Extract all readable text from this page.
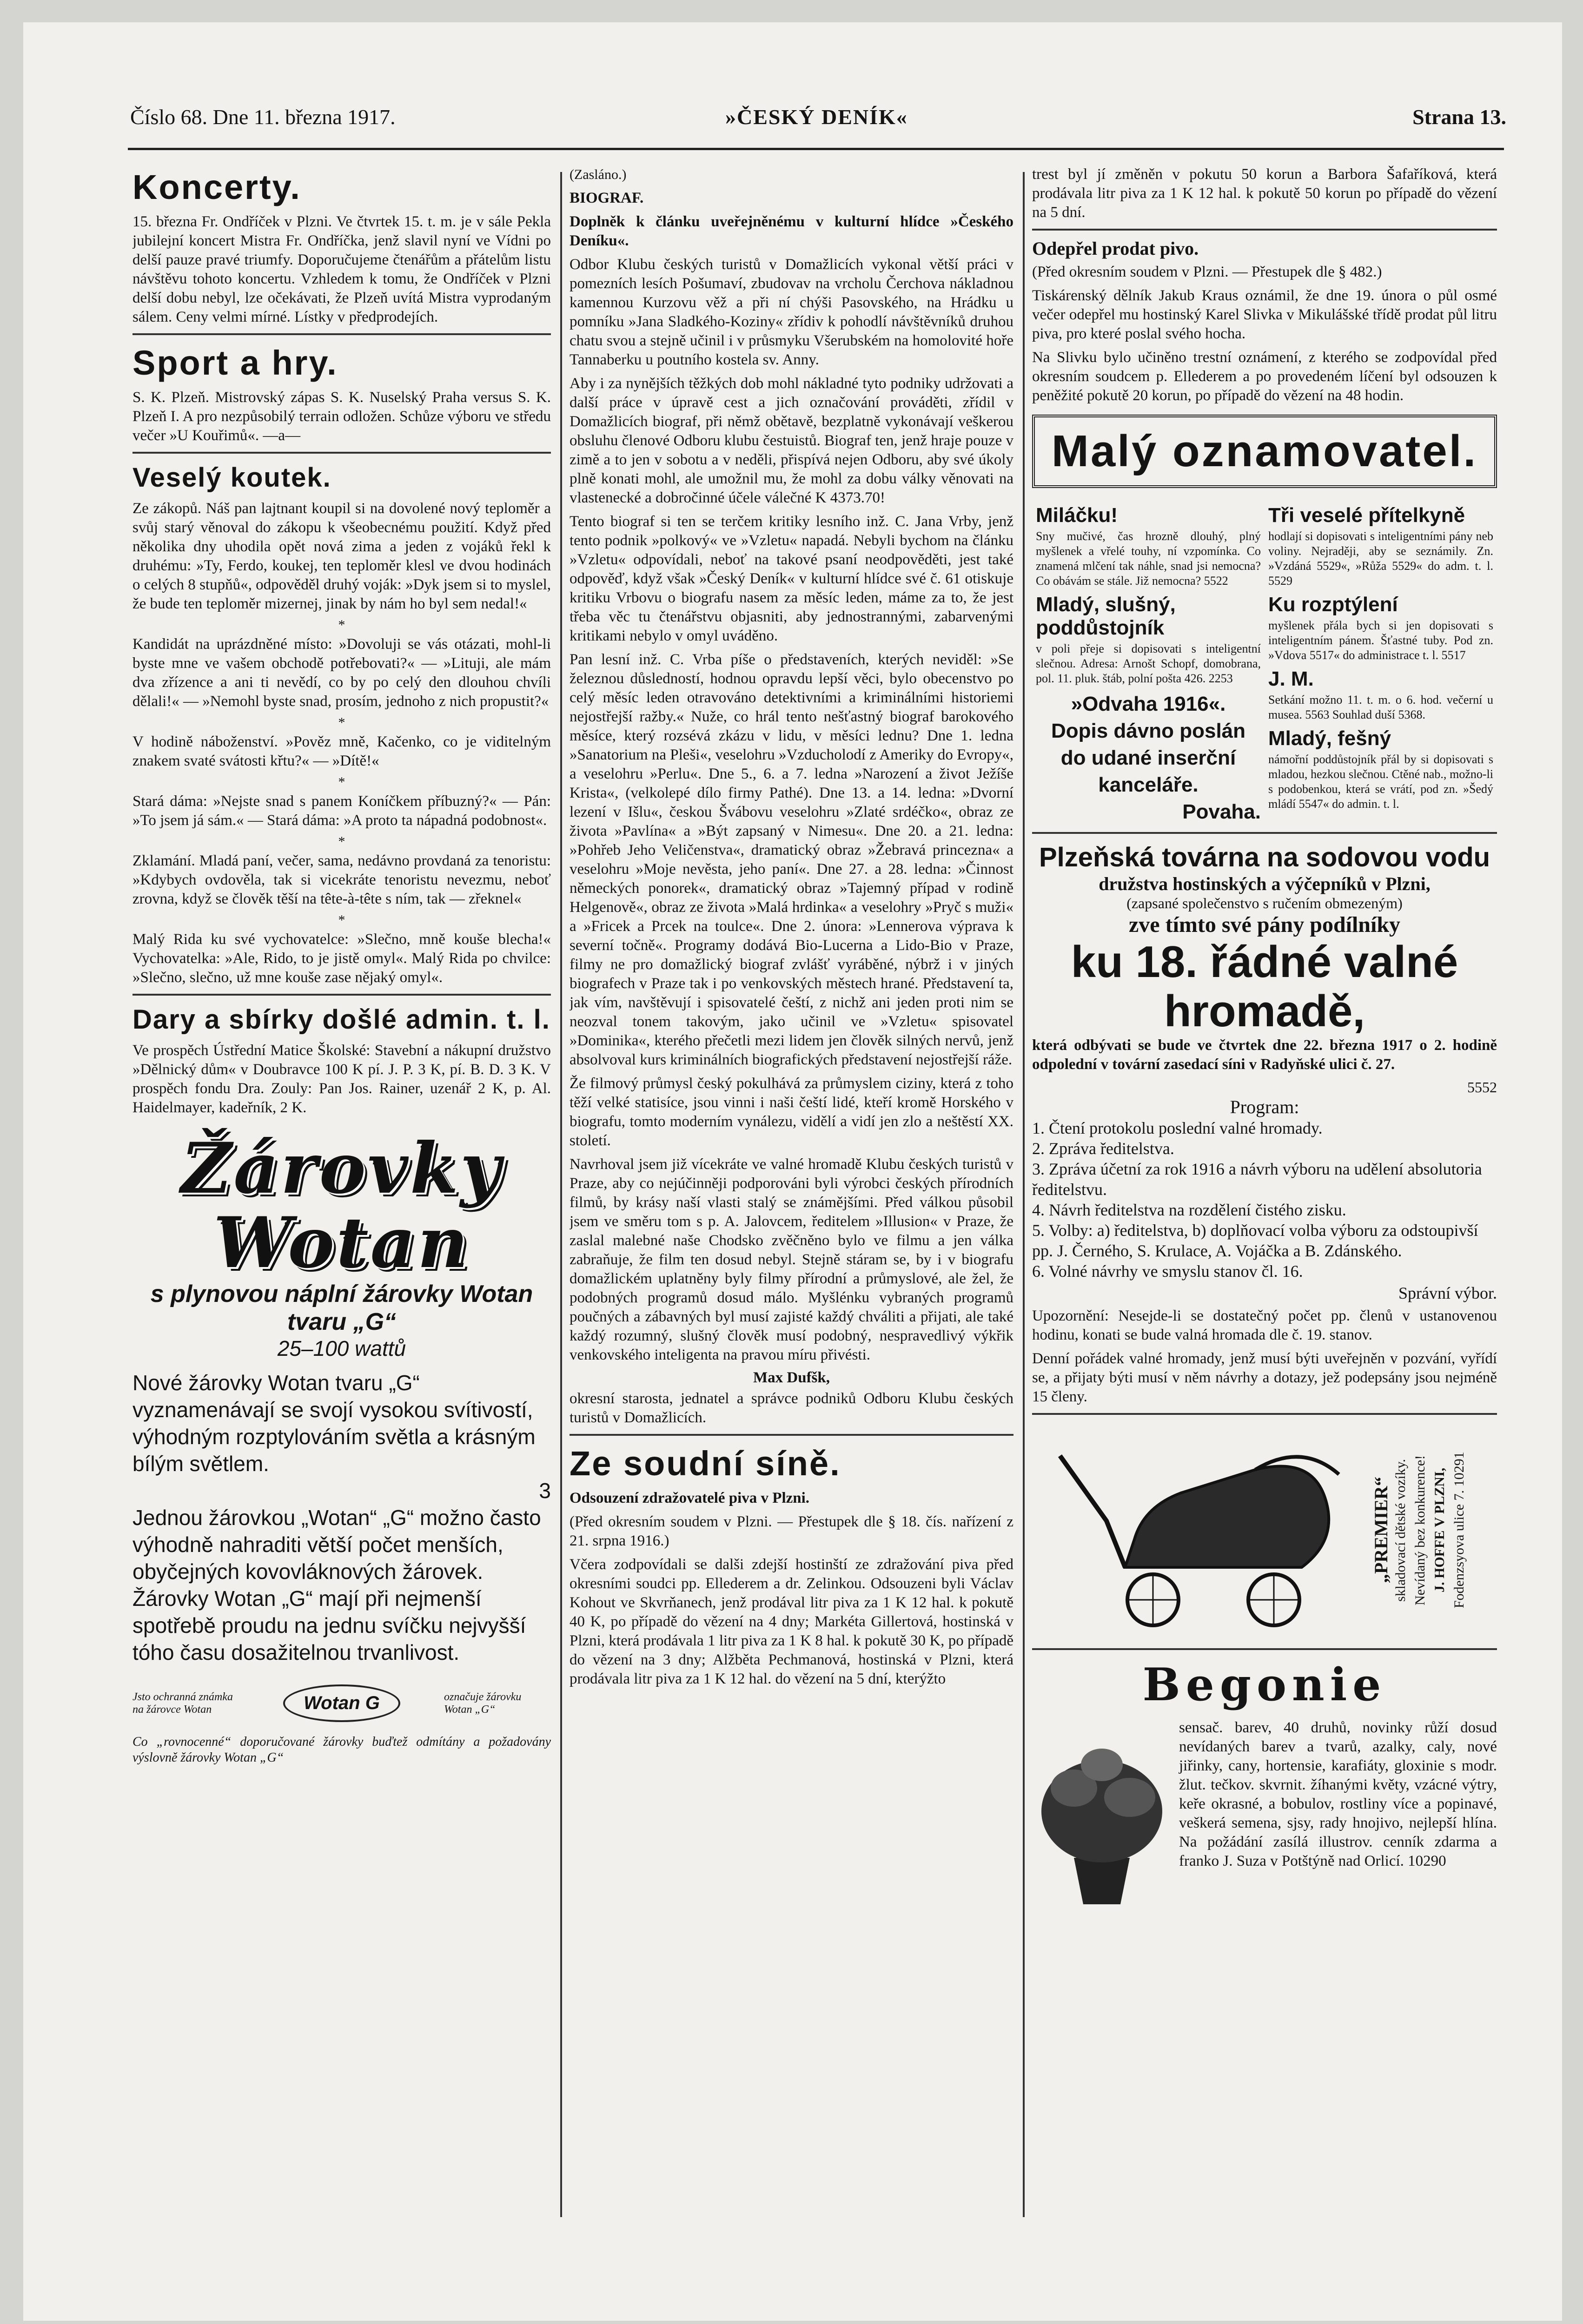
Číslo 68. Dne 11. března 1917.	»ČESKÝ DENÍK«	Strana 13.
Koncerty.

15. března Fr. Ondříček v Plzni. Ve čtvrtek 15. t. m. je v sále Pekla jubilejní koncert Mistra Fr. Ondříčka, jenž slavil nyní ve Vídni po delší pauze pravé triumfy. Doporučujeme čtenářům a přátelům listu návštěvu tohoto koncertu. Vzhledem k tomu, že Ondříček v Plzni delší dobu nebyl, lze očekávati, že Plzeň uvítá Mistra vyprodaným sálem. Ceny velmi mírné. Lístky v předprodejích.

Sport a hry.

S. K. Plzeň. Mistrovský zápas S. K. Nuselský Praha versus S. K. Plzeň I. A pro nezpůsobilý terrain odložen. Schůze výboru ve středu večer »U Kouřimů«. —a—

Veselý koutek.

Ze zákopů. Náš pan lajtnant koupil si na dovolené nový teploměr a svůj starý věnoval do zákopu k všeobecnému použití. Když před několika dny uhodila opět nová zima a jeden z vojáků řekl k druhému: »Ty, Ferdo, koukej, ten teploměr klesl ve dvou hodinách o celých 8 stupňů«, odpověděl druhý voják: »Dyk jsem si to myslel, že bude ten teploměr mizernej, jinak by nám ho byl sem nedal!«

*

Kandidát na uprázdněné místo: »Dovoluji se vás otázati, mohl-li byste mne ve vašem obchodě potřebovati?« — »Lituji, ale mám dva zřízence a ani ti nevědí, co by po celý den dlouhou chvíli dělali!« — »Nemohl byste snad, prosím, jednoho z nich propustit?«

*

V hodině náboženství. »Pověz mně, Kačenko, co je viditelným znakem svaté svátosti křtu?« — »Dítě!«

*

Stará dáma: »Nejste snad s panem Koníčkem příbuzný?« — Pán: »To jsem já sám.« — Stará dáma: »A proto ta nápadná podobnost«.

*

Zklamání. Mladá paní, večer, sama, nedávno provdaná za tenoristu: »Kdybych ovdověla, tak si vicekráte tenoristu nevezmu, neboť zrovna, když se člověk těší na tête-à-tête s ním, tak — zřeknel«

*

Malý Rida ku své vychovatelce: »Slečno, mně kouše blecha!« Vychovatelka: »Ale, Rido, to je jistě omyl«. Malý Rida po chvilce: »Slečno, slečno, už mne kouše zase nějaký omyl«.

Dary a sbírky došlé admin. t. l.

Ve prospěch Ústřední Matice Školské: Stavební a nákupní družstvo »Dělnický dům« v Doubravce 100 K pí. J. P. 3 K, pí. B. D. 3 K. V prospěch fondu Dra. Zouly: Pan Jos. Rainer, uzenář 2 K, p. Al. Haidelmayer, kadeřník, 2 K.

Žárovky Wotan
s plynovou náplní žárovky Wotan tvaru „G“
25–100 wattů
Nové žárovky Wotan tvaru „G“ vyznamenávají se svojí vysokou svítivostí, výhodným rozptylováním světla a krásným bílým světlem.
3
Jednou žárovkou „Wotan“ „G“ možno často výhodně nahraditi větší počet menších, obyčejných kovovláknových žárovek.
Žárovky Wotan „G“ mají při nejmenší spotřebě proudu na jednu svíčku nejvyšší tóho času dosažitelnou trvanlivost.
Jsto ochranná známka na žárovce Wotan	Wotan G	označuje žárovku Wotan „G“

Co „rovnocenné“ doporučované žárovky buďtež odmítány a požadovány výslovně žárovky Wotan „G“

(Zasláno.)

BIOGRAF.

Doplněk k článku uveřejněnému v kulturní hlídce »Českého Deníku«.

Odbor Klubu českých turistů v Domažlicích vykonal větší práci v pomezních lesích Pošumaví, zbudovav na vrcholu Čerchova nákladnou kamennou Kurzovu věž a při ní chýši Pasovského, na Hrádku u pomníku »Jana Sladkého-Koziny« zřídiv k pohodlí návštěvníků druhou chatu svou a stejně učinil i v průsmyku Všerubském na homolovité hoře Tannaberku u poutního kostela sv. Anny.

Aby i za nynějších těžkých dob mohl nákladné tyto podniky udržovati a další práce v úpravě cest a jich označování prováděti, zřídil v Domažlicích biograf, při němž obětavě, bezplatně vykonávají veškerou obsluhu členové Odboru klubu čestuistů. Biograf ten, jenž hraje pouze v zimě a to jen v sobotu a v neděli, přispívá nejen Odboru, aby své úkoly plně konati mohl, ale umožnil mu, že mohl za dobu války věnovati na vlastenecké a dobročinné účele válečné K 4373.70!

Tento biograf si ten se terčem kritiky lesního inž. C. Jana Vrby, jenž tento podnik »polkový« ve »Vzletu« napadá. Nebyli bychom na článku »Vzletu« odpovídali, neboť na takové psaní neodpověděti, jest také odpověď, když však »Český Deník« v kulturní hlídce své č. 61 otiskuje kritiku Vrbovu o biografu nasem za měsíc leden, máme za to, že jest třeba věc tu čtenářstvu objasniti, aby jednostrannými, zabarvenými kritikami nebylo v omyl uváděno.

Pan lesní inž. C. Vrba píše o představeních, kterých neviděl: »Se železnou důsledností, hodnou opravdu lepší věci, bylo obecenstvo po celý měsíc leden otravováno detektivními a kriminálními historiemi nejostřejší ražby.« Nuže, co hrál tento nešťastný biograf barokového měsíce, který rozsévá zkázu v lidu, v měsíci lednu? Dne 1. ledna »Sanatorium na Pleši«, veselohru »Vzducholodí z Ameriky do Evropy«, a veselohru »Perlu«. Dne 5., 6. a 7. ledna »Narození a život Ježíše Krista«, (velkolepé dílo firmy Pathé). Dne 13. a 14. ledna: »Dvorní lezení v Išlu«, českou Švábovu veselohru »Zlaté srdéčko«, obraz ze života »Pavlína« a »Být zapsaný v Nimesu«. Dne 20. a 21. ledna: »Pohřeb Jeho Veličenstva«, dramatický obraz »Žebravá princezna« a veselohru »Moje nevěsta, jeho paní«. Dne 27. a 28. ledna: »Činnost německých ponorek«, dramatický obraz »Tajemný případ v rodině Helgenově«, obraz ze života »Malá hrdinka« a veselohry »Pryč s muži« a »Fricek a Prcek na toulce«. Dne 2. února: »Lennerova výprava k severní točně«. Programy dodává Bio-Lucerna a Lido-Bio v Praze, filmy ne pro domažlický biograf zvlášť vyráběné, nýbrž i v jiných biografech v Praze tak i po venkovských městech hrané. Představení ta, jak vím, navštěvují i spisovatelé čeští, z nichž ani jeden proti nim se neozval tonem takovým, jako učinil ve »Vzletu« spisovatel »Dominika«, kterého přečetli mezi lidem jen člověk silných nervů, jenž absolvoval kurs kriminálních biografických představení nejostřejší ráže.

Že filmový průmysl český pokulhává za průmyslem ciziny, která z toho těží velké statisíce, jsou vinni i naši čeští lidé, kteří kromě Horského v biografu, tomto moderním vynálezu, vidělí a vidí jen zlo a neštěstí XX. století.

Navrhoval jsem již vícekráte ve valné hromadě Klubu českých turistů v Praze, aby co nejúčinněji podporováni byli výrobci českých přírodních filmů, by krásy naší vlasti stalý se známějšími. Před válkou působil jsem ve směru tom s p. A. Jalovcem, ředitelem »Illusion« v Praze, že zaslal malebné naše Chodsko zvěčněno bylo ve filmu a jen válka zabraňuje, že film ten dosud nebyl. Stejně stáram se, by i v biografu domažlickém uplatněny byly filmy přírodní a průmyslové, ale žel, že podobných programů dosud málo. Myšlénku vybraných programů poučných a zábavných byl musí zajisté každý chváliti a přijati, ale také každý rozumný, slušný člověk musí podobný, nespravedlivý výkřik venkovského inteligenta na pravou míru přivésti.

Max Dufšk,

okresní starosta, jednatel a správce podniků Odboru Klubu českých turistů v Domažlicích.

Ze soudní síně.

Odsouzení zdražovatelé piva v Plzni.

(Před okresním soudem v Plzni. — Přestupek dle § 18. čís. nařízení z 21. srpna 1916.)

Včera zodpovídali se dalši zdejší hostinští ze zdražování piva před okresními soudci pp. Ellederem a dr. Zelinkou. Odsouzeni byli Václav Kohout ve Skvrňanech, jenž prodával litr piva za 1 K 12 hal. k pokutě 40 K, po případě do vězení na 4 dny; Markéta Gillertová, hostinská v Plzni, která prodávala 1 litr piva za 1 K 8 hal. k pokutě 30 K, po případě do vězení na 3 dny; Alžběta Pechmanová, hostinská v Plzni, která prodávala litr piva za 1 K 12 hal. do vězení na 5 dní, kterýžto

trest byl jí změněn v pokutu 50 korun a Barbora Šafaříková, která prodávala litr piva za 1 K 12 hal. k pokutě 50 korun po případě do vězení na 5 dní.

Odepřel prodat pivo.

(Před okresním soudem v Plzni. — Přestupek dle § 482.)

Tiskárenský dělník Jakub Kraus oznámil, že dne 19. února o půl osmé večer odepřel mu hostinský Karel Slivka v Mikulášské třídě prodat půl litru piva, pro které poslal svého hocha.

Na Slivku bylo učiněno trestní oznámení, z kterého se zodpovídal před okresním soudcem p. Ellederem a po provedeném líčení byl odsouzen k peněžité pokutě 20 korun, po případě do vězení na 48 hodin.

Malý oznamovatel.
Miláčku!

Sny mučivé, čas hrozně dlouhý, plný myšlenek a vřelé touhy, ní vzpomínka. Co znamená mlčení tak náhle, snad jsi nemocna? Co obávám se stále. Již nemocna? 5522

Mladý, slušný, poddůstojník

v poli přeje si dopisovati s inteligentní slečnou. Adresa: Arnošt Schopf, domobrana, pol. 11. pluk. štáb, polní pošta 426. 2253

»Odvaha 1916«.
Dopis dávno poslán do udané inserční kanceláře.
Povaha.
Tři veselé přítelkyně

hodlají si dopisovati s inteligentními pány neb voliny. Nejraději, aby se seznámily. Zn. »Vzdáná 5529«, »Růža 5529« do adm. t. l. 5529

Ku rozptýlení

myšlenek přála bych si jen dopisovati s inteligentním pánem. Šťastné tuby. Pod zn. »Vdova 5517« do administrace t. l. 5517

J. M.

Setkání možno 11. t. m. o 6. hod. večerní u musea. 5563 Souhlad duší 5368.

Mladý, fešný

námořní poddůstojník přál by si dopisovati s mladou, hezkou slečnou. Ctěné nab., možno-li s podobenkou, která se vrátí, pod zn. »Šedý mládí 5547« do admin. t. l.

Plzeňská továrna na sodovou vodu
družstva hostinských a výčepníků v Plzni,
(zapsané společenstvo s ručením obmezeným)
zve tímto své pány podílníky
ku 18. řádné valné hromadě,

která odbývati se bude ve čtvrtek dne 22. března 1917 o 2. hodině odpolední v tovární zasedací síni v Radyňské ulici č. 27.

5552
Program:
1. Čtení protokolu poslední valné hromady.
2. Zpráva ředitelstva.
3. Zpráva účetní za rok 1916 a návrh výboru na udělení absolutoria ředitelstvu.
4. Návrh ředitelstva na rozdělení čistého zisku.
5. Volby: a) ředitelstva, b) doplňovací volba výboru za odstoupivší pp. J. Černého, S. Krulace, A. Vojáčka a B. Zdánského.
6. Volné návrhy ve smyslu stanov čl. 16.
Správní výbor.

Upozornění: Nesejde-li se dostatečný počet pp. členů v ustanovenou hodinu, konati se bude valná hromada dle č. 19. stanov.

Denní pořádek valné hromady, jenž musí býti uveřejněn v pozvání, vyřídí se, a přijaty býti musí v něm návrhy a dotazy, jež podepsány jsou nejméně 15 členy.

„PREMIER“ skladovací dětské vozíky. Nevídaný bez konkurence! J. HOFFE V PLZNI, Fodenzsyova ulice 7. 10291
Begonie

sensač. barev, 40 druhů, novinky růží dosud nevídaných barev a tvarů, azalky, caly, nové jiřinky, cany, hortensie, karafiáty, gloxinie s modr. žlut. tečkov. skvrnit. žíhanými květy, vzácné výtry, keře okrasné, a bobulov, rostliny více a popinavé, veškerá semena, sjsy, rady hnojivo, nejlepší hlína. Na požádání zasílá illustrov. cenník zdarma a franko J. Suza v Potštýně nad Orlicí. 10290
